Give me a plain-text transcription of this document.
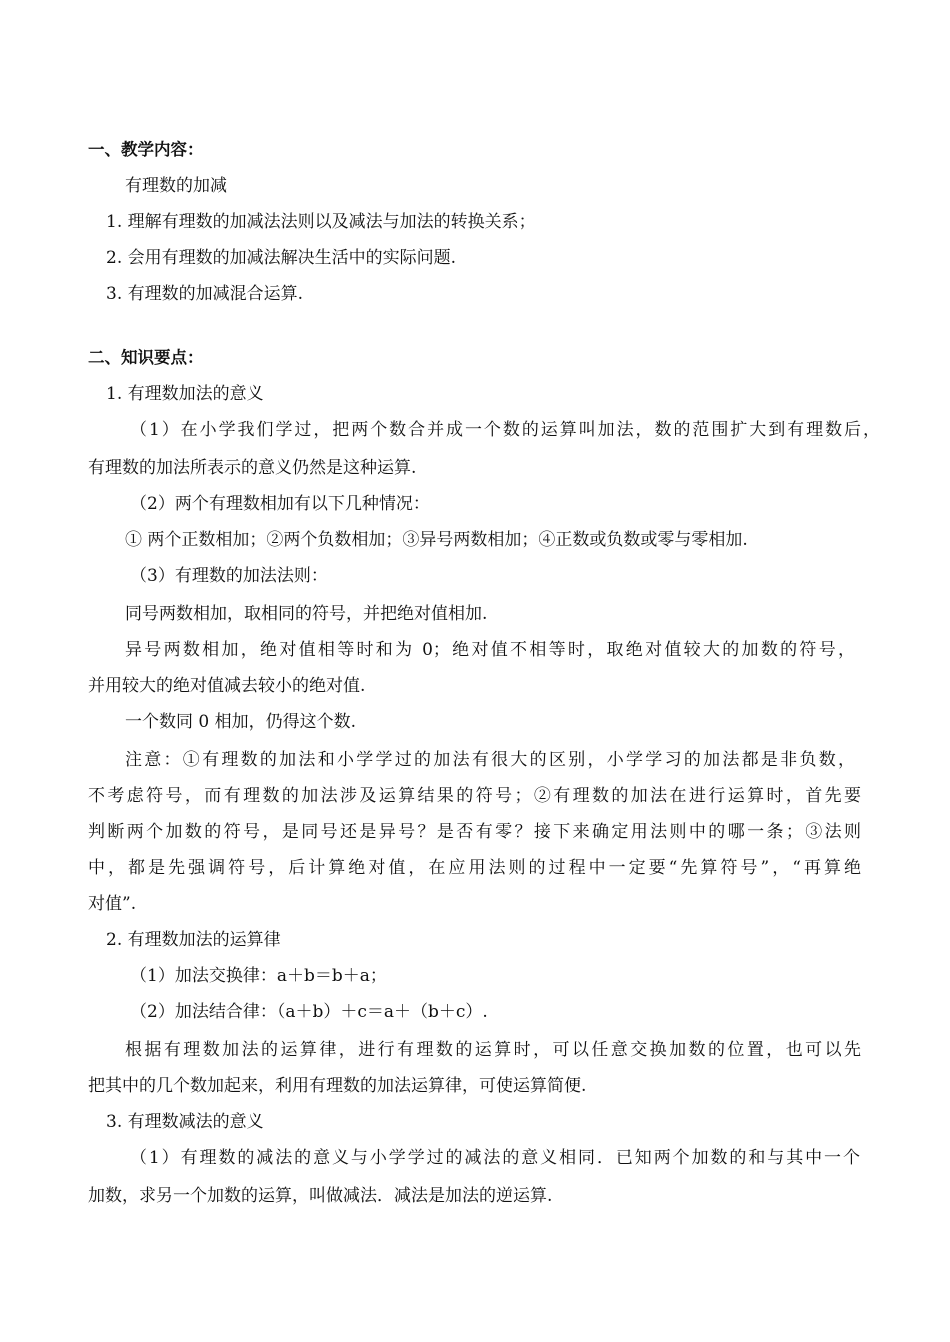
一、教学内容：
有理数的加减
1. 理解有理数的加减法法则以及减法与加法的转换关系；
2. 会用有理数的加减法解决生活中的实际问题.
3. 有理数的加减混合运算.
二、知识要点：
1. 有理数加法的意义
（1）在小学我们学过，把两个数合并成一个数的运算叫加法，数的范围扩大到有理数后，
有理数的加法所表示的意义仍然是这种运算.
（2）两个有理数相加有以下几种情况：
① 两个正数相加；②两个负数相加；③异号两数相加；④正数或负数或零与零相加.
（3）有理数的加法法则：
同号两数相加，取相同的符号，并把绝对值相加.
异号两数相加，绝对值相等时和为 0；绝对值不相等时，取绝对值较大的加数的符号，
并用较大的绝对值减去较小的绝对值.
一个数同 0 相加，仍得这个数.
注意：①有理数的加法和小学学过的加法有很大的区别，小学学习的加法都是非负数，
不考虑符号，而有理数的加法涉及运算结果的符号；②有理数的加法在进行运算时，首先要
判断两个加数的符号，是同号还是异号？是否有零？接下来确定用法则中的哪一条；③法则
中，都是先强调符号，后计算绝对值，在应用法则的过程中一定要“先算符号”，“再算绝
对值”.
2. 有理数加法的运算律
（1）加法交换律：a＋b＝b＋a；
（2）加法结合律：（a＋b）＋c＝a＋（b＋c）.
根据有理数加法的运算律，进行有理数的运算时，可以任意交换加数的位置，也可以先
把其中的几个数加起来，利用有理数的加法运算律，可使运算简便.
3. 有理数减法的意义
（1）有理数的减法的意义与小学学过的减法的意义相同．已知两个加数的和与其中一个
加数，求另一个加数的运算，叫做减法．减法是加法的逆运算.
